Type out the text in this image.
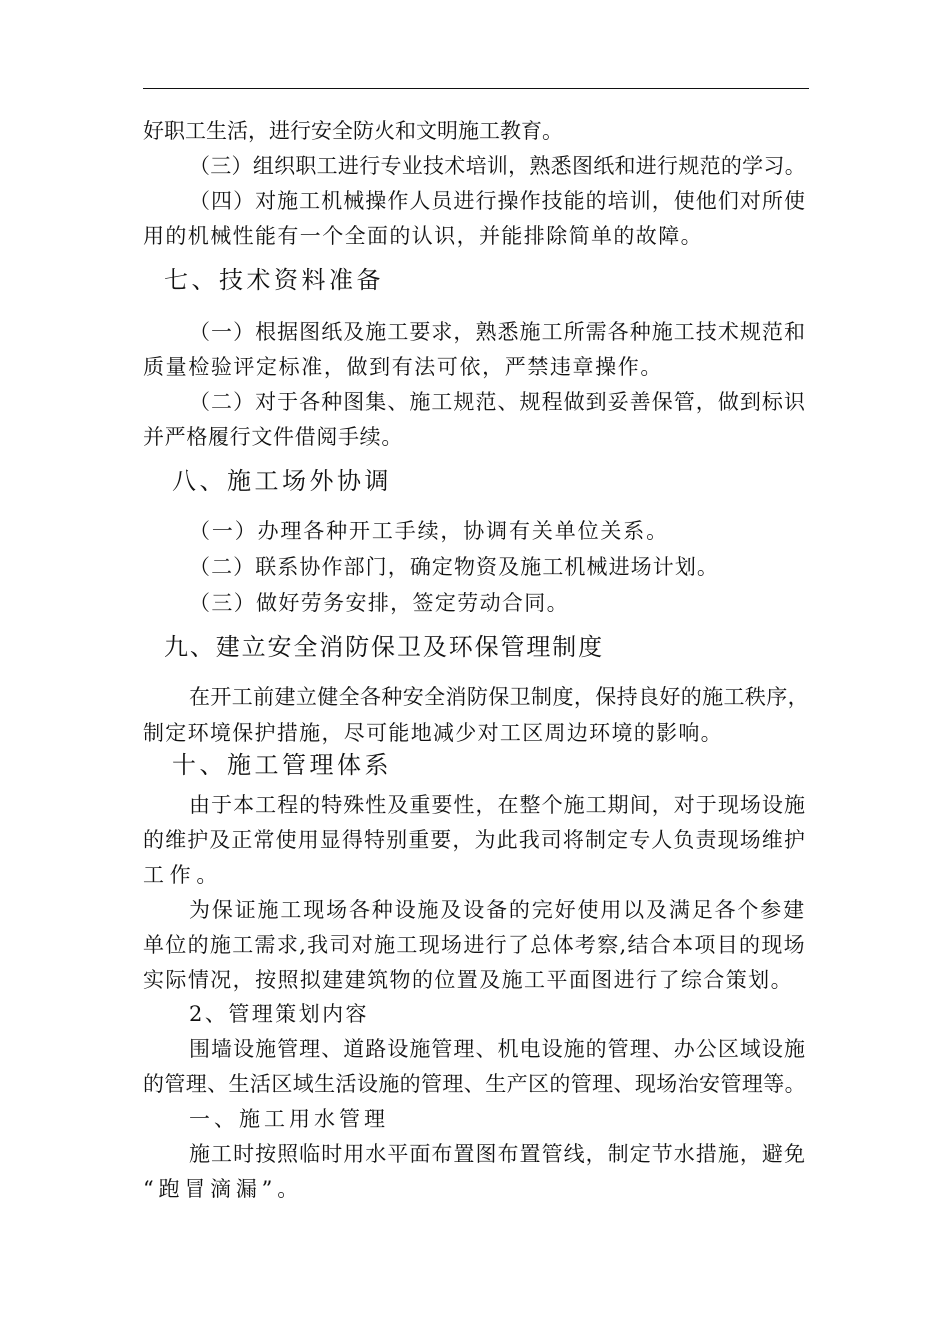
好职工生活，进行安全防火和文明施工教育。
（三）组织职工进行专业技术培训，熟悉图纸和进行规范的学习。
（四）对施工机械操作人员进行操作技能的培训，使他们对所使
用的机械性能有一个全面的认识，并能排除简单的故障。
七、技术资料准备
（一）根据图纸及施工要求，熟悉施工所需各种施工技术规范和
质量检验评定标准，做到有法可依，严禁违章操作。
（二）对于各种图集、施工规范、规程做到妥善保管，做到标识
并严格履行文件借阅手续。
八、施工场外协调
（一）办理各种开工手续，协调有关单位关系。
（二）联系协作部门，确定物资及施工机械进场计划。
（三）做好劳务安排，签定劳动合同。
九、建立安全消防保卫及环保管理制度
在开工前建立健全各种安全消防保卫制度，保持良好的施工秩序，
制定环境保护措施，尽可能地减少对工区周边环境的影响。
十、施工管理体系
由于本工程的特殊性及重要性，在整个施工期间，对于现场设施
的维护及正常使用显得特别重要，为此我司将制定专人负责现场维护
工作。
为保证施工现场各种设施及设备的完好使用以及满足各个参建
单位的施工需求,我司对施工现场进行了总体考察,结合本项目的现场
实际情况，按照拟建建筑物的位置及施工平面图进行了综合策划。
2、管理策划内容
围墙设施管理、道路设施管理、机电设施的管理、办公区域设施
的管理、生活区域生活设施的管理、生产区的管理、现场治安管理等。
一、施工用水管理
施工时按照临时用水平面布置图布置管线，制定节水措施，避免
“跑冒滴漏”。
